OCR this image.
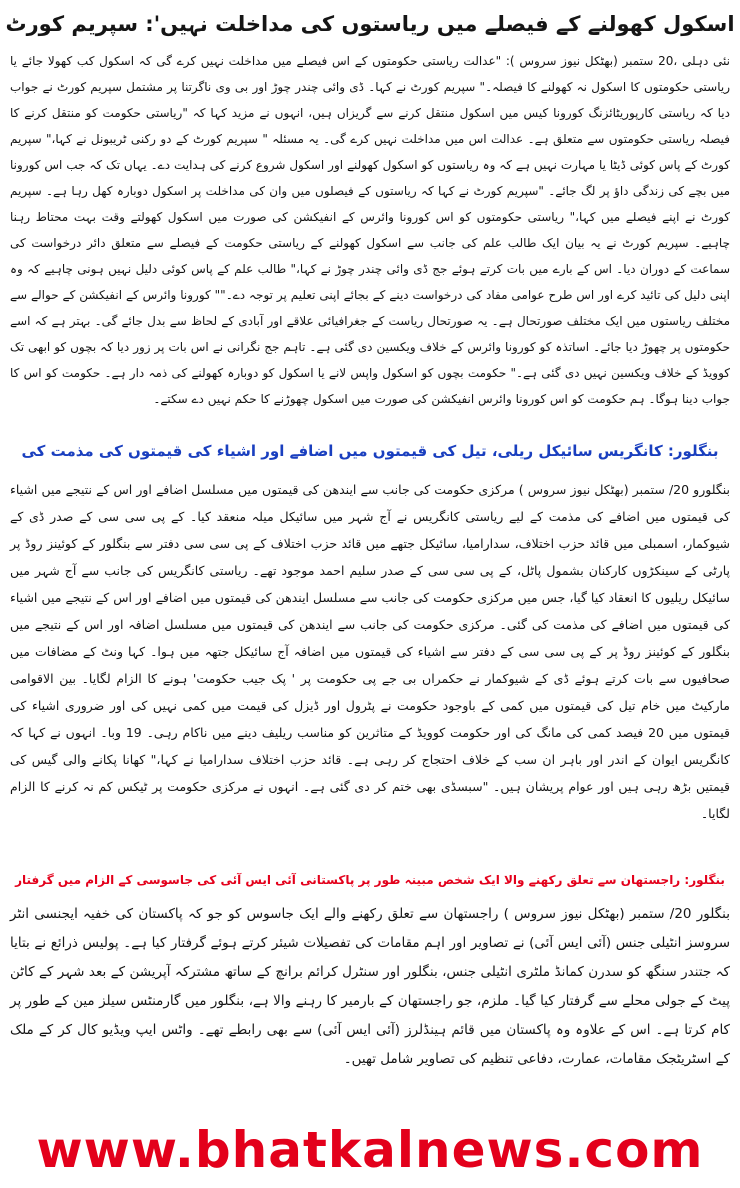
اسکول کھولنے کے فیصلے میں ریاستوں کی مداخلت نہیں': سپریم کورٹ
نئی دہلی ،20 ستمبر (بھٹکل نیوز سروس ): "عدالت ریاستی حکومتوں کے اس فیصلے میں مداخلت نہیں کرے گی کہ اسکول کب کھولا جائے یا ریاستی حکومتوں کا اسکول نہ کھولنے کا فیصلہ۔" سپریم کورٹ نے کہا۔ ڈی وائی چندر چوڑ اور بی وی ناگرتنا پر مشتمل سپریم کورٹ نے جواب دیا کہ ریاستی کارپوریٹائزنگ کورونا کیس میں اسکول منتقل کرنے سے گریزاں ہیں، انہوں نے مزید کہا کہ "ریاستی حکومت کو منتقل کرنے کا فیصلہ ریاستی حکومتوں سے متعلق ہے۔ عدالت اس میں مداخلت نہیں کرے گی۔ یہ مسئلہ " سپریم کورٹ کے دو رکنی ٹریبونل نے کہا،" سپریم کورٹ کے پاس کوئی ڈیٹا یا مہارت نہیں ہے کہ وہ ریاستوں کو اسکول کھولنے اور اسکول شروع کرنے کی ہدایت دے۔ یہاں تک کہ جب اس کورونا میں بچے کی زندگی داؤ پر لگ جائے۔ "سپریم کورٹ نے کہا کہ ریاستوں کے فیصلوں میں وان کی مداخلت پر اسکول دوبارہ کھل رہا ہے۔ سپریم کورٹ نے اپنے فیصلے میں کہا،" ریاستی حکومتوں کو اس کورونا وائرس کے انفیکشن کی صورت میں اسکول کھولتے وقت بہت محتاط رہنا چاہیے۔ سپریم کورٹ نے یہ بیان ایک طالب علم کی جانب سے اسکول کھولنے کے ریاستی حکومت کے فیصلے سے متعلق دائر درخواست کی سماعت کے دوران دیا۔ اس کے بارے میں بات کرتے ہوئے جج ڈی وائی چندر چوڑ نے کہا،" طالب علم کے پاس کوئی دلیل نہیں ہونی چاہیے کہ وہ اپنی دلیل کی تائید کرے اور اس طرح عوامی مفاد کی درخواست دینے کے بجائے اپنی تعلیم پر توجہ دے۔"" کورونا وائرس کے انفیکشن کے حوالے سے مختلف ریاستوں میں ایک مختلف صورتحال ہے۔ یہ صورتحال ریاست کے جغرافیائی علاقے اور آبادی کے لحاظ سے بدل جائے گی۔ بہتر ہے کہ اسے حکومتوں پر چھوڑ دیا جائے۔ اساتذہ کو کورونا وائرس کے خلاف ویکسین دی گئی ہے۔ تاہم جج نگرانی نے اس بات پر زور دیا کہ بچوں کو ابھی تک کوویڈ کے خلاف ویکسین نہیں دی گئی ہے۔" حکومت بچوں کو اسکول واپس لانے یا اسکول کو دوبارہ کھولنے کی ذمہ دار ہے۔ حکومت کو اس کا جواب دینا ہوگا۔ ہم حکومت کو اس کورونا وائرس انفیکشن کی صورت میں اسکول چھوڑنے کا حکم نہیں دے سکتے۔
بنگلور: کانگریس سائیکل ریلی، تیل کی قیمتوں میں اضافے اور اشیاء کی قیمتوں کی مذمت کی
بنگلورو 20/ ستمبر (بھٹکل نیوز سروس ) مرکزی حکومت کی جانب سے ایندھن کی قیمتوں میں مسلسل اضافے اور اس کے نتیجے میں اشیاء کی قیمتوں میں اضافے کی مذمت کے لیے ریاستی کانگریس نے آج شہر میں سائیکل میلہ منعقد کیا۔ کے پی سی سی کے صدر ڈی کے شیوکمار، اسمبلی میں قائد حزب اختلاف، سدارامیا، سائیکل جتھے میں قائد حزب اختلاف کے پی سی سی دفتر سے بنگلور کے کوئینز روڈ پر پارٹی کے سینکڑوں کارکنان بشمول پاٹل، کے پی سی سی کے صدر سلیم احمد موجود تھے۔ ریاستی کانگریس کی جانب سے آج شہر میں سائیکل ریلیوں کا انعقاد کیا گیا، جس میں مرکزی حکومت کی جانب سے مسلسل ایندھن کی قیمتوں میں اضافے اور اس کے نتیجے میں اشیاء کی قیمتوں میں اضافے کی مذمت کی گئی۔ مرکزی حکومت کی جانب سے ایندھن کی قیمتوں میں مسلسل اضافہ اور اس کے نتیجے میں بنگلور کے کوئینز روڈ پر کے پی سی سی کے دفتر سے اشیاء کی قیمتوں میں اضافہ آج سائیکل جتھہ میں ہوا۔ کہا ونٹ کے مضافات میں صحافیوں سے بات کرتے ہوئے ڈی کے شیوکمار نے حکمراں بی جے پی حکومت پر ' پک جیب حکومت' ہونے کا الزام لگایا۔ بین الاقوامی مارکیٹ میں خام تیل کی قیمتوں میں کمی کے باوجود حکومت نے پٹرول اور ڈیزل کی قیمت میں کمی نہیں کی اور ضروری اشیاء کی قیمتوں میں 20 فیصد کمی کی مانگ کی اور حکومت کوویڈ کے متاثرین کو مناسب ریلیف دینے میں ناکام رہی۔ 19 وبا۔ انہوں نے کہا کہ کانگریس ایوان کے اندر اور باہر ان سب کے خلاف احتجاج کر رہی ہے۔ قائد حزب اختلاف سدارامیا نے کہا،" کھانا پکانے والی گیس کی قیمتیں بڑھ رہی ہیں اور عوام پریشان ہیں۔ "سبسڈی بھی ختم کر دی گئی ہے۔ انہوں نے مرکزی حکومت پر ٹیکس کم نہ کرنے کا الزام لگایا۔
بنگلور: راجستھان سے تعلق رکھنے والا ایک شخص مبینہ طور پر پاکستانی آئی ایس آئی کی جاسوسی کے الزام میں گرفتار
بنگلور 20/ ستمبر (بھٹکل نیوز سروس ) راجستھان سے تعلق رکھنے والے ایک جاسوس کو جو کہ پاکستان کی خفیہ ایجنسی انٹر سروسز انٹیلی جنس (آئی ایس آئی) نے تصاویر اور اہم مقامات کی تفصیلات شیئر کرتے ہوئے گرفتار کیا ہے۔ پولیس ذرائع نے بتایا کہ جتندر سنگھ کو سدرن کمانڈ ملٹری انٹیلی جنس، بنگلور اور سنٹرل کرائم برانچ کے ساتھ مشترکہ آپریشن کے بعد شہر کے کاٹن پیٹ کے جولی محلے سے گرفتار کیا گیا۔ ملزم، جو راجستھان کے بارمیر کا رہنے والا ہے، بنگلور میں گارمنٹس سیلز مین کے طور پر کام کرتا ہے۔ اس کے علاوہ وہ پاکستان میں قائم ہینڈلرز (آئی ایس آئی) سے بھی رابطے تھے۔ واٹس ایپ ویڈیو کال کر کے ملک کے اسٹریٹجک مقامات، عمارت، دفاعی تنظیم کی تصاویر شامل تھیں۔
www.bhatkalnews.com
